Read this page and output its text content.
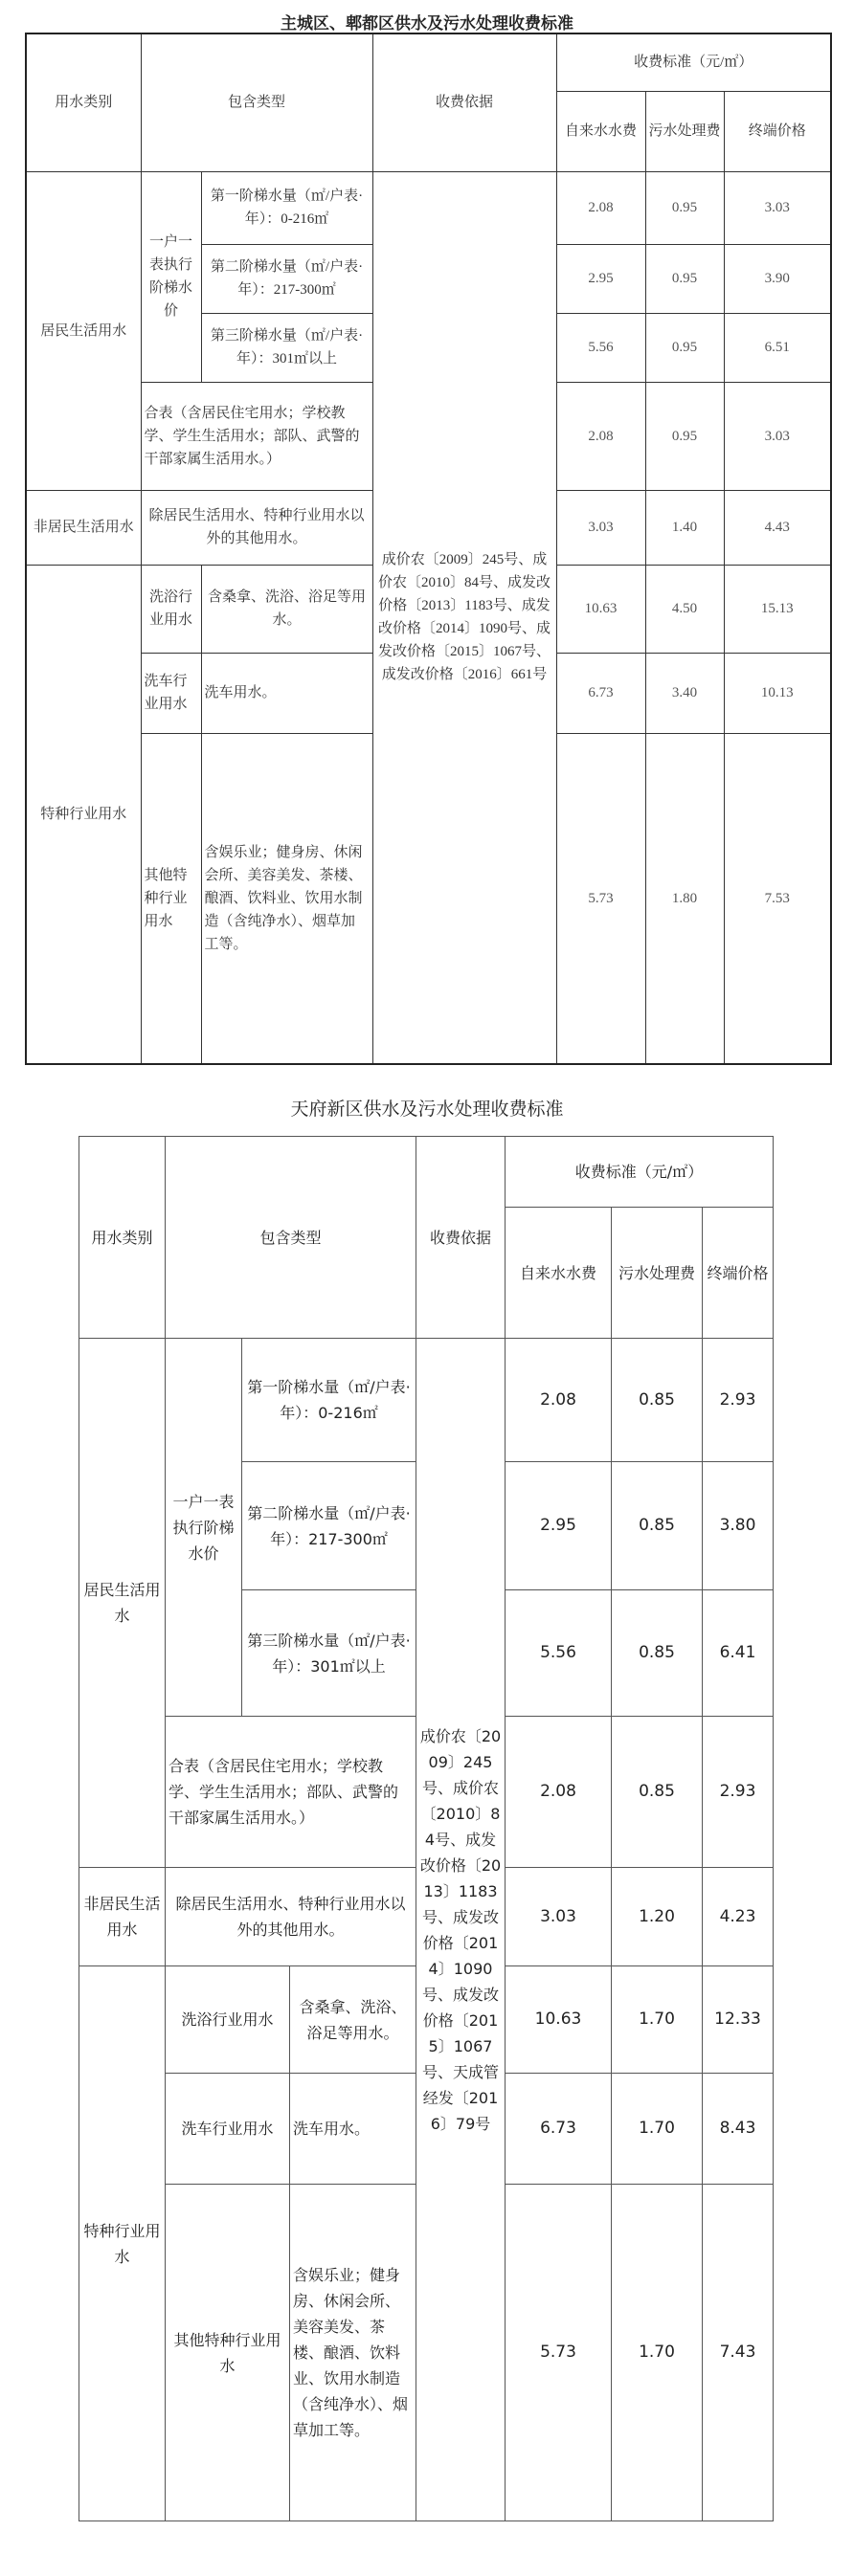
主城区、郫都区供水及污水处理收费标准
用水类别	包含类型		收费依据	收费标准（元/㎡）		
				自来水水费	污水处理费	终端价格
居民生活用水	一户一表执行阶梯水价	第一阶梯水量（㎡/户表·年）：0-216㎡	成价农〔2009〕245号、成价农〔2010〕84号、成发改价格〔2013〕1183号、成发改价格〔2014〕1090号、成发改价格〔2015〕1067号、成发改价格〔2016〕661号	2.08	0.95	3.03
		第二阶梯水量（㎡/户表·年）：217-300㎡		2.95	0.95	3.90
		第三阶梯水量（㎡/户表·年）：301㎡以上		5.56	0.95	6.51
	合表（含居民住宅用水；学校教学、学生生活用水；部队、武警的干部家属生活用水。）			2.08	0.95	3.03
非居民生活用水	除居民生活用水、特种行业用水以外的其他用水。			3.03	1.40	4.43
特种行业用水	洗浴行业用水	含桑拿、洗浴、浴足等用水。		10.63	4.50	15.13
	洗车行业用水	洗车用水。		6.73	3.40	10.13
	其他特种行业用水	含娱乐业；健身房、休闲会所、美容美发、茶楼、酿酒、饮料业、饮用水制造（含纯净水）、烟草加工等。		5.73	1.80	7.53
天府新区供水及污水处理收费标准
用水类别	包含类型			收费依据	收费标准（元/㎡）		
					自来水水费	污水处理费	终端价格
居民生活用水	一户一表执行阶梯水价	第一阶梯水量（㎡/户表·年）：0-216㎡		成价农〔2009〕245号、成价农〔2010〕84号、成发改价格〔2013〕1183号、成发改价格〔2014〕1090号、成发改价格〔2015〕1067号、天成管经发〔2016〕79号	2.08	0.85	2.93
		第二阶梯水量（㎡/户表·年）：217-300㎡			2.95	0.85	3.80
		第三阶梯水量（㎡/户表·年）：301㎡以上			5.56	0.85	6.41
	合表（含居民住宅用水；学校教学、学生生活用水；部队、武警的干部家属生活用水。）				2.08	0.85	2.93
非居民生活用水	除居民生活用水、特种行业用水以外的其他用水。				3.03	1.20	4.23
特种行业用水	洗浴行业用水		含桑拿、洗浴、浴足等用水。		10.63	1.70	12.33
	洗车行业用水		洗车用水。		6.73	1.70	8.43
	其他特种行业用水		含娱乐业；健身房、休闲会所、美容美发、茶楼、酿酒、饮料业、饮用水制造（含纯净水）、烟草加工等。		5.73	1.70	7.43
